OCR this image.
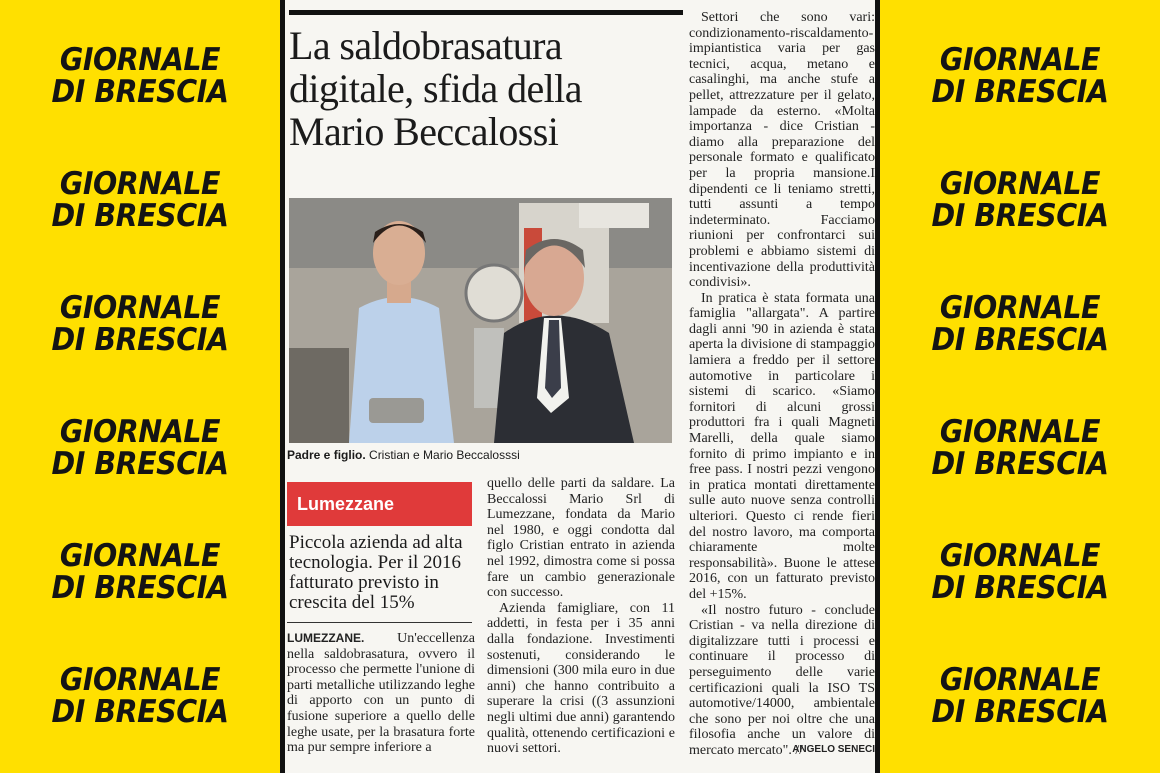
GIORNALE
DI BRESCIA
GIORNALE
DI BRESCIA
GIORNALE
DI BRESCIA
GIORNALE
DI BRESCIA
GIORNALE
DI BRESCIA
GIORNALE
DI BRESCIA
La saldobrasatura
digitale, sfida della
Mario Beccalossi
Padre e figlio. Cristian e Mario Beccalosssi
Lumezzane
Piccola azienda ad alta tecnologia. Per il 2016 fatturato previsto in crescita del 15%

LUMEZZANE. Un'eccellenza nella saldobrasatura, ovvero il processo che permette l'unione di parti metalliche utilizzando leghe di apporto con un punto di fusione superiore a quello delle leghe usate, per la brasatura forte ma pur sempre inferiore a

quello delle parti da saldare. La Beccalossi Mario Srl di Lumezzane, fondata da Mario nel 1980, e oggi condotta dal figlo Cristian entrato in azienda nel 1992, dimostra come si possa fare un cambio generazionale con successo.

Azienda famigliare, con 11 addetti, in festa per i 35 anni dalla fondazione. Investimenti sostenuti, considerando le dimensioni (300 mila euro in due anni) che hanno contribuito a superare la crisi ((3 assunzioni negli ultimi due anni) garantendo qualità, ottenendo certificazioni e nuovi settori.

Settori che sono vari: condizionamento-riscaldamento-impiantistica varia per gas tecnici, acqua, metano e casalinghi, ma anche stufe a pellet, attrezzature per il gelato, lampade da esterno. «Molta importanza - dice Cristian - diamo alla preparazione del personale formato e qualificato per la propria mansione.I dipendenti ce li teniamo stretti, tutti assunti a tempo indeterminato. Facciamo riunioni per confrontarci sui problemi e abbiamo sistemi di incentivazione della produttività condivisi».

In pratica è stata formata una famiglia "allargata". A partire dagli anni '90 in azienda è stata aperta la divisione di stampaggio lamiera a freddo per il settore automotive in particolare i sistemi di scarico. «Siamo fornitori di alcuni grossi produttori fra i quali Magneti Marelli, della quale siamo fornito di primo impianto e in free pass. I nostri pezzi vengono in pratica montati direttamente sulle auto nuove senza controlli ulteriori. Questo ci rende fieri del nostro lavoro, ma comporta chiaramente molte responsabilità». Buone le attese 2016, con un fatturato previsto del +15%.

«Il nostro futuro - conclude Cristian - va nella direzione di digitalizzare tutti i processi e continuare il processo di perseguimento delle varie certificazioni quali la ISO TS automotive/14000, ambientale che sono per noi oltre che una filosofia anche un valore di mercato mercato". //

ANGELO SENECI
GIORNALE
DI BRESCIA
GIORNALE
DI BRESCIA
GIORNALE
DI BRESCIA
GIORNALE
DI BRESCIA
GIORNALE
DI BRESCIA
GIORNALE
DI BRESCIA
